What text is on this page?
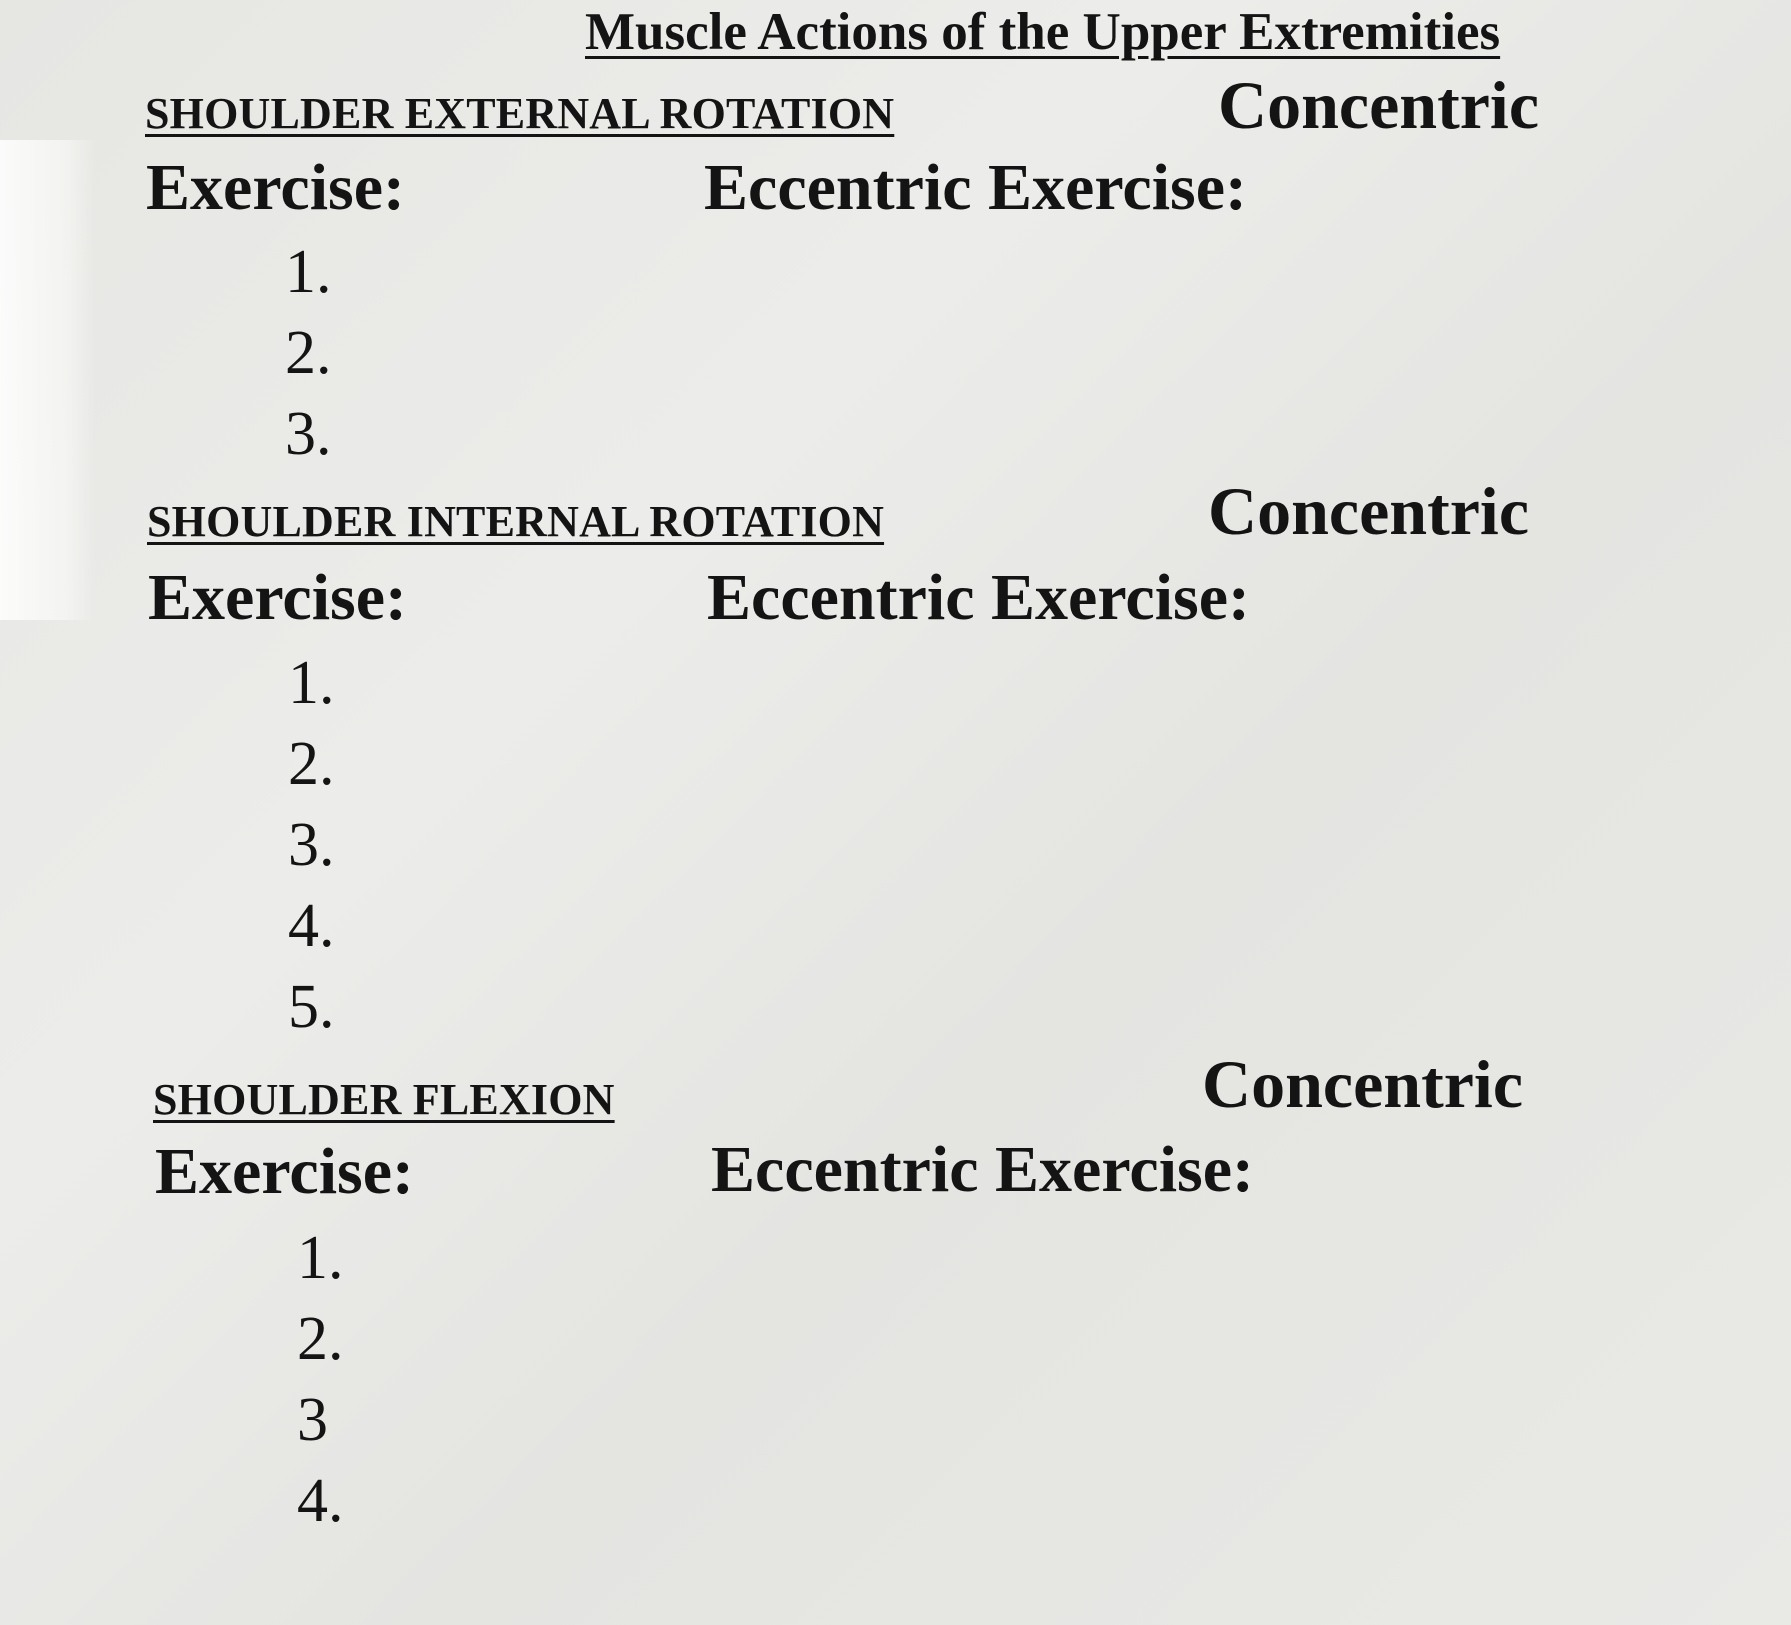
Muscle Actions of the Upper Extremities
SHOULDER EXTERNAL ROTATION	Concentric
Exercise:	Eccentric Exercise:
1.
2.
3.
SHOULDER INTERNAL ROTATION	Concentric
Exercise:	Eccentric Exercise:
1.
2.
3.
4.
5.
SHOULDER FLEXION	Concentric
Exercise:	Eccentric Exercise:
1.
2.
3
4.
